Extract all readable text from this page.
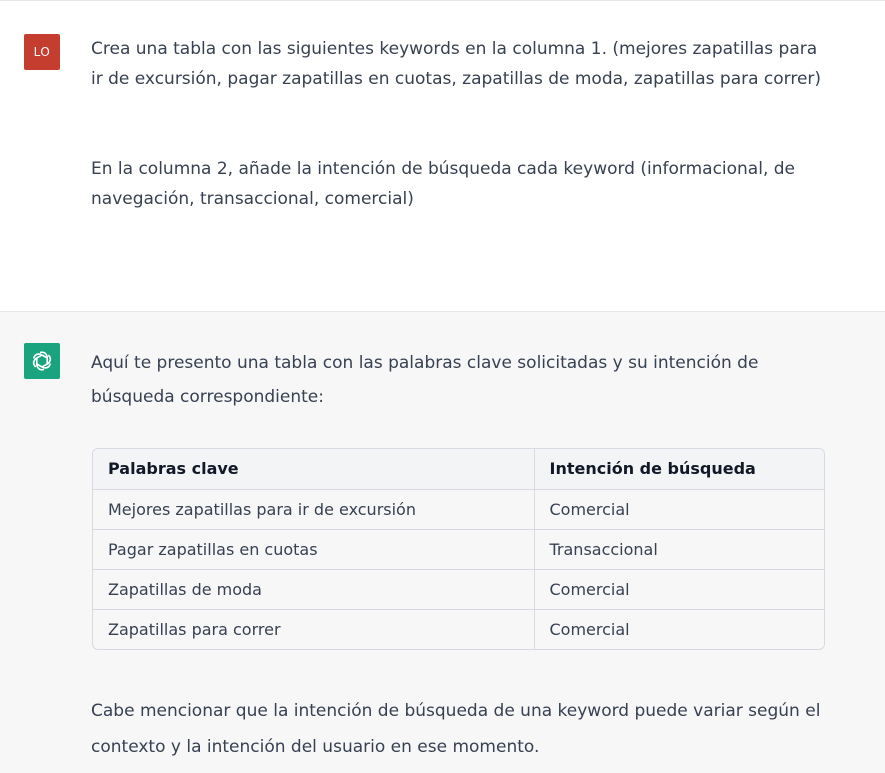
LO Crea una tabla con las siguientes keywords en la columna 1. (mejores zapatillas para ir de excursión, pagar zapatillas en cuotas, zapatillas de moda, zapatillas para correr)
En la columna 2, añade la intención de búsqueda cada keyword (informacional, de navegación, transaccional, comercial)
Aquí te presento una tabla con las palabras clave solicitadas y su intención de búsqueda correspondiente:
Palabras clave	Intención de búsqueda
Mejores zapatillas para ir de excursión	Comercial
Pagar zapatillas en cuotas	Transaccional
Zapatillas de moda	Comercial
Zapatillas para correr	Comercial
Cabe mencionar que la intención de búsqueda de una keyword puede variar según el contexto y la intención del usuario en ese momento.
